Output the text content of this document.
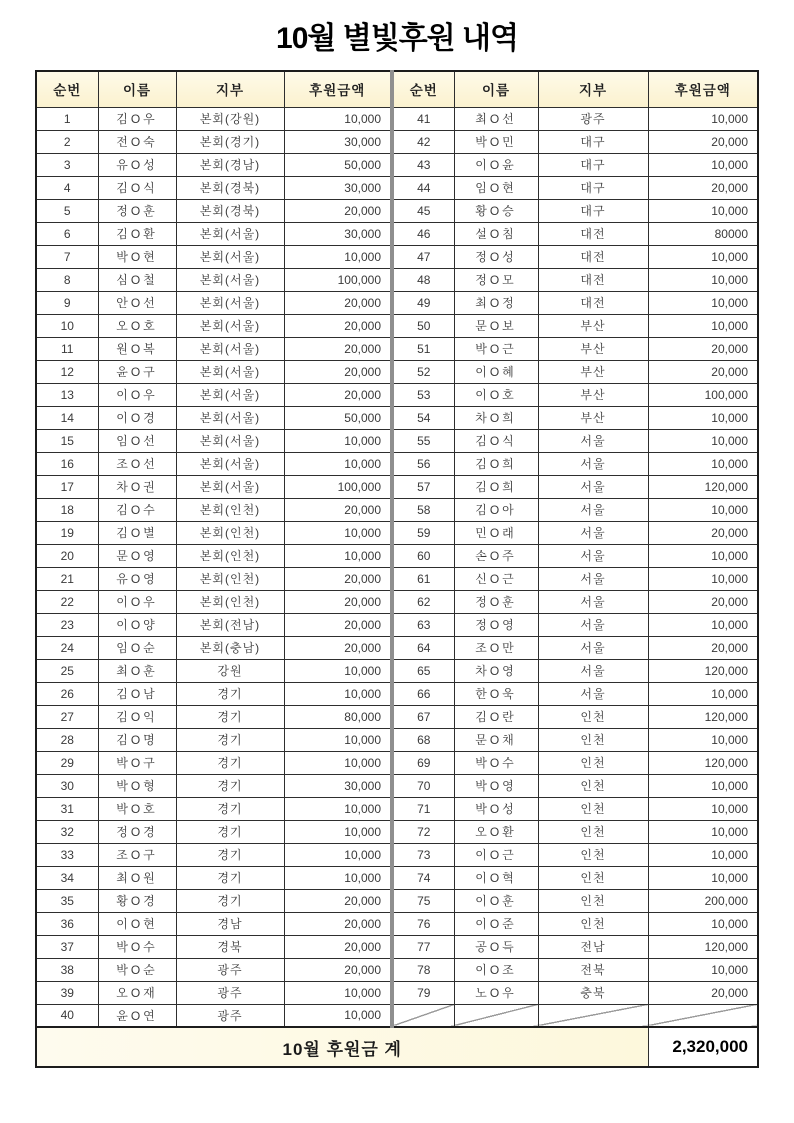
10월 별빛후원 내역
순번	이름	지부	후원금액	순번	이름	지부	후원금액
1	김O우	본회(강원)	10,000	41	최O선	광주	10,000
2	전O숙	본회(경기)	30,000	42	박O민	대구	20,000
3	유O성	본회(경남)	50,000	43	이O윤	대구	10,000
4	김O식	본회(경북)	30,000	44	임O현	대구	20,000
5	정O훈	본회(경북)	20,000	45	황O승	대구	10,000
6	김O환	본회(서울)	30,000	46	설O침	대전	80000
7	박O현	본회(서울)	10,000	47	정O성	대전	10,000
8	심O철	본회(서울)	100,000	48	정O모	대전	10,000
9	안O선	본회(서울)	20,000	49	최O정	대전	10,000
10	오O호	본회(서울)	20,000	50	문O보	부산	10,000
11	원O복	본회(서울)	20,000	51	박O근	부산	20,000
12	윤O구	본회(서울)	20,000	52	이O혜	부산	20,000
13	이O우	본회(서울)	20,000	53	이O호	부산	100,000
14	이O경	본회(서울)	50,000	54	차O희	부산	10,000
15	임O선	본회(서울)	10,000	55	김O식	서울	10,000
16	조O선	본회(서울)	10,000	56	김O희	서울	10,000
17	차O권	본회(서울)	100,000	57	김O희	서울	120,000
18	김O수	본회(인천)	20,000	58	김O아	서울	10,000
19	김O별	본회(인천)	10,000	59	민O래	서울	20,000
20	문O영	본회(인천)	10,000	60	손O주	서울	10,000
21	유O영	본회(인천)	20,000	61	신O근	서울	10,000
22	이O우	본회(인천)	20,000	62	정O훈	서울	20,000
23	이O양	본회(전남)	20,000	63	정O영	서울	10,000
24	임O순	본회(충남)	20,000	64	조O만	서울	20,000
25	최O훈	강원	10,000	65	차O영	서울	120,000
26	김O남	경기	10,000	66	한O욱	서울	10,000
27	김O익	경기	80,000	67	김O란	인천	120,000
28	김O명	경기	10,000	68	문O채	인천	10,000
29	박O구	경기	10,000	69	박O수	인천	120,000
30	박O형	경기	30,000	70	박O영	인천	10,000
31	박O호	경기	10,000	71	박O성	인천	10,000
32	정O경	경기	10,000	72	오O환	인천	10,000
33	조O구	경기	10,000	73	이O근	인천	10,000
34	최O원	경기	10,000	74	이O혁	인천	10,000
35	황O경	경기	20,000	75	이O훈	인천	200,000
36	이O현	경남	20,000	76	이O준	인천	10,000
37	박O수	경북	20,000	77	공O득	전남	120,000
38	박O순	광주	20,000	78	이O조	전북	10,000
39	오O재	광주	10,000	79	노O우	충북	20,000
40	윤O연	광주	10,000				
10월 후원금 계							2,320,000
